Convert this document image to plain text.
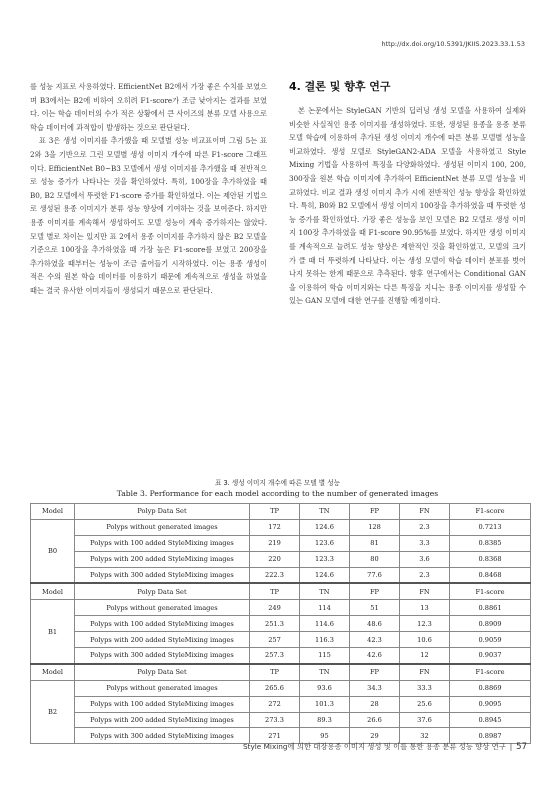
http://dx.doi.org/10.5391/JKIIS.2023.33.1.53

를 성능 지표로 사용하였다. EfficientNet B2에서 가장 좋은 수치를 보였으며 B3에서는 B2에 비하여 오히려 F1-score가 조금 낮아지는 결과를 보였다. 이는 학습 데이터의 수가 적은 상황에서 큰 사이즈의 분류 모델 사용으로 학습 데이터에 과적합이 발생하는 것으로 판단된다.

표 3은 생성 이미지를 추가했을 때 모델별 성능 비교표이며 그림 5는 표 2와 3을 기반으로 그린 모델별 생성 이미지 개수에 따른 F1-score 그래프이다. EfficientNet B0~B3 모델에서 생성 이미지를 추가했을 때 전반적으로 성능 증가가 나타나는 것을 확인하였다. 특히, 100장을 추가하였을 때 B0, B2 모델에서 뚜렷한 F1-score 증가를 확인하였다. 이는 제안된 기법으로 생성된 용종 이미지가 분류 성능 향상에 기여하는 것을 보여준다. 하지만 용종 이미지를 계속해서 생성하여도 모델 성능이 계속 증가하지는 않았다. 모델 별로 차이는 있지만 표 2에서 용종 이미지를 추가하지 않은 B2 모델을 기준으로 100장을 추가하였을 때 가장 높은 F1-score를 보였고 200장을 추가하였을 때부터는 성능이 조금 줄어들기 시작하였다. 이는 용종 생성이 적은 수의 원본 학습 데이터를 이용하기 때문에 계속적으로 생성을 하였을 때는 결국 유사한 이미지들이 생성되기 때문으로 판단된다.

4. 결론 및 향후 연구

본 논문에서는 StyleGAN 기반의 딥러닝 생성 모델을 사용하여 실제와 비슷한 사실적인 용종 이미지를 생성하였다. 또한, 생성된 용종을 용종 분류 모델 학습에 이용하여 추가된 생성 이미지 개수에 따른 분류 모델별 성능을 비교하였다. 생성 모델로 StyleGAN2-ADA 모델을 사용하였고 Style Mixing 기법을 사용하여 특징을 다양화하였다. 생성된 이미지 100, 200, 300장을 원본 학습 이미지에 추가하여 EfficientNet 분류 모델 성능을 비교하였다. 비교 결과 생성 이미지 추가 시에 전반적인 성능 향상을 확인하였다. 특히, B0와 B2 모델에서 생성 이미지 100장을 추가하였을 때 뚜렷한 성능 증가를 확인하였다. 가장 좋은 성능을 보인 모델은 B2 모델로 생성 이미지 100장 추가하였을 때 F1-score 90.95%를 보였다. 하지만 생성 이미지를 계속적으로 늘려도 성능 향상은 제한적인 것을 확인하였고, 모델의 크기가 클 때 더 뚜렷하게 나타났다. 이는 생성 모델이 학습 데이터 분포를 벗어나지 못하는 한계 때문으로 추측된다. 향후 연구에서는 Conditional GAN을 이용하여 학습 이미지와는 다른 특징을 지니는 용종 이미지를 생성할 수 있는 GAN 모델에 대한 연구를 진행할 예정이다.

표 3. 생성 이미지 개수에 따른 모델 별 성능
Table 3. Performance for each model according to the number of generated images
Model	Polyp Data Set	TP	TN	FP	FN	F1-score
B0	Polyps without generated images	172	124.6	128	2.3	0.7213
	Polyps with 100 added StyleMixing images	219	123.6	81	3.3	0.8385
	Polyps with 200 added StyleMixing images	220	123.3	80	3.6	0.8368
	Polyps with 300 added StyleMixing images	222.3	124.6	77.6	2.3	0.8468
Model	Polyp Data Set	TP	TN	FP	FN	F1-score
B1	Polyps without generated images	249	114	51	13	0.8861
	Polyps with 100 added StyleMixing images	251.3	114.6	48.6	12.3	0.8909
	Polyps with 200 added StyleMixing images	257	116.3	42.3	10.6	0.9059
	Polyps with 300 added StyleMixing images	257.3	115	42.6	12	0.9037
Model	Polyp Data Set	TP	TN	FP	FN	F1-score
B2	Polyps without generated images	265.6	93.6	34.3	33.3	0.8869
	Polyps with 100 added StyleMixing images	272	101.3	28	25.6	0.9095
	Polyps with 200 added StyleMixing images	273.3	89.3	26.6	37.6	0.8945
	Polyps with 300 added StyleMixing images	271	95	29	32	0.8987
Style Mixing에 의한 대장용종 이미지 생성 및 이를 통한 용종 분류 성능 향상 연구 | 57
